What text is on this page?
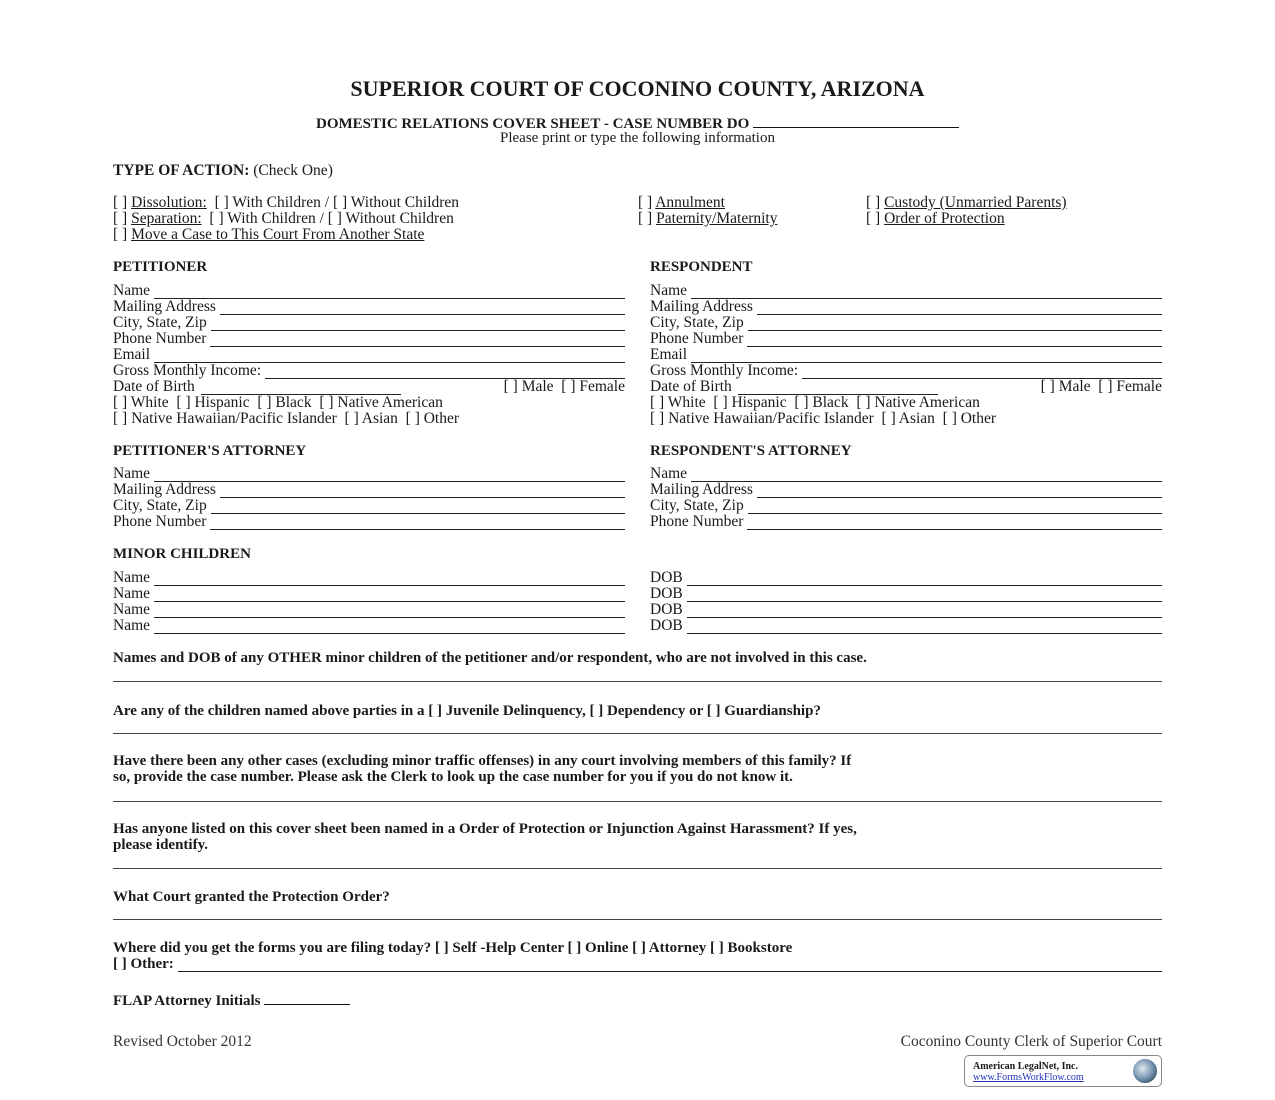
SUPERIOR COURT OF COCONINO COUNTY, ARIZONA
DOMESTIC RELATIONS COVER SHEET - CASE NUMBER DO
Please print or type the following information
TYPE OF ACTION: (Check One)
[ ] Dissolution: [ ] With Children / [ ] Without Children
[ ] Separation: [ ] With Children / [ ] Without Children
[ ] Move a Case to This Court From Another State
[ ] Annulment
[ ] Paternity/Maternity
[ ] Custody (Unmarried Parents)
[ ] Order of Protection
PETITIONER
Name
Mailing Address
City, State, Zip
Phone Number
Email
Gross Monthly Income:
Date of Birth	[ ] Male  [ ] Female
[ ] White  [ ] Hispanic  [ ] Black  [ ] Native American
[ ] Native Hawaiian/Pacific Islander  [ ] Asian  [ ] Other
RESPONDENT
Name
Mailing Address
City, State, Zip
Phone Number
Email
Gross Monthly Income:
Date of Birth	[ ] Male  [ ] Female
[ ] White  [ ] Hispanic  [ ] Black  [ ] Native American
[ ] Native Hawaiian/Pacific Islander  [ ] Asian  [ ] Other
PETITIONER'S ATTORNEY
Name
Mailing Address
City, State, Zip
Phone Number
RESPONDENT'S ATTORNEY
Name
Mailing Address
City, State, Zip
Phone Number
MINOR CHILDREN
Name	DOB
Name	DOB
Name	DOB
Name	DOB
Names and DOB of any OTHER minor children of the petitioner and/or respondent, who are not involved in this case.
Are any of the children named above parties in a [ ] Juvenile Delinquency, [ ] Dependency or [ ] Guardianship?
Have there been any other cases (excluding minor traffic offenses) in any court involving members of this family? If
so, provide the case number. Please ask the Clerk to look up the case number for you if you do not know it.
Has anyone listed on this cover sheet been named in a Order of Protection or Injunction Against Harassment? If yes,
please identify.
What Court granted the Protection Order?
Where did you get the forms you are filing today? [ ] Self -Help Center [ ] Online [ ] Attorney [ ] Bookstore
[ ] Other:
FLAP Attorney Initials
Revised October 2012	Coconino County Clerk of Superior Court
American LegalNet, Inc.
www.FormsWorkFlow.com
